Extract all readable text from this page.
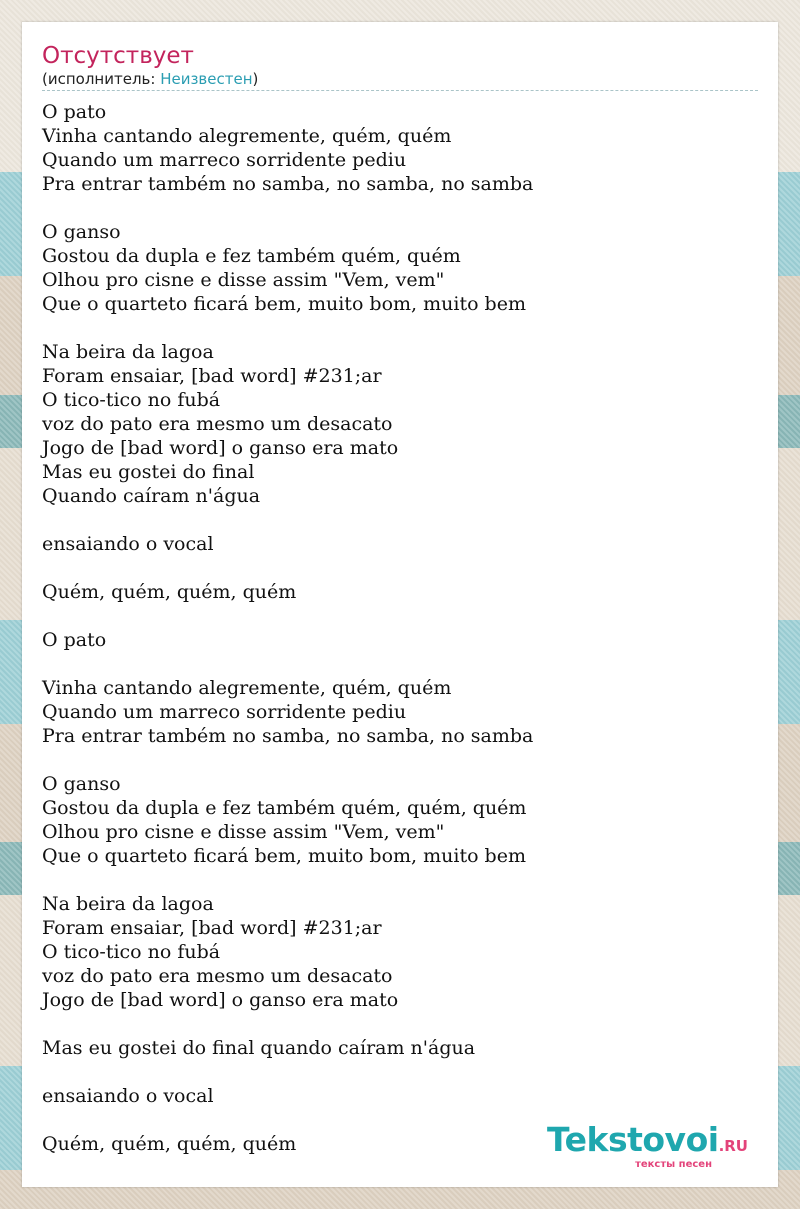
Отсутствует
(исполнитель: Неизвестен)
O pato
Vinha cantando alegremente, quém, quém
Quando um marreco sorridente pediu
Pra entrar também no samba, no samba, no samba
O ganso
Gostou da dupla e fez também quém, quém
Olhou pro cisne e disse assim "Vem, vem"
Que o quarteto ficará bem, muito bom, muito bem
Na beira da lagoa
Foram ensaiar, [bad word] #231;ar
O tico-tico no fubá
voz do pato era mesmo um desacato
Jogo de [bad word] o ganso era mato
Mas eu gostei do final
Quando caíram n'água
ensaiando o vocal
Quém, quém, quém, quém
O pato
Vinha cantando alegremente, quém, quém
Quando um marreco sorridente pediu
Pra entrar também no samba, no samba, no samba
O ganso
Gostou da dupla e fez também quém, quém, quém
Olhou pro cisne e disse assim "Vem, vem"
Que o quarteto ficará bem, muito bom, muito bem
Na beira da lagoa
Foram ensaiar, [bad word] #231;ar
O tico-tico no fubá
voz do pato era mesmo um desacato
Jogo de [bad word] o ganso era mato
Mas eu gostei do final quando caíram n'água
ensaiando o vocal
Quém, quém, quém, quém	Tekstovoi.RU
тексты песен
